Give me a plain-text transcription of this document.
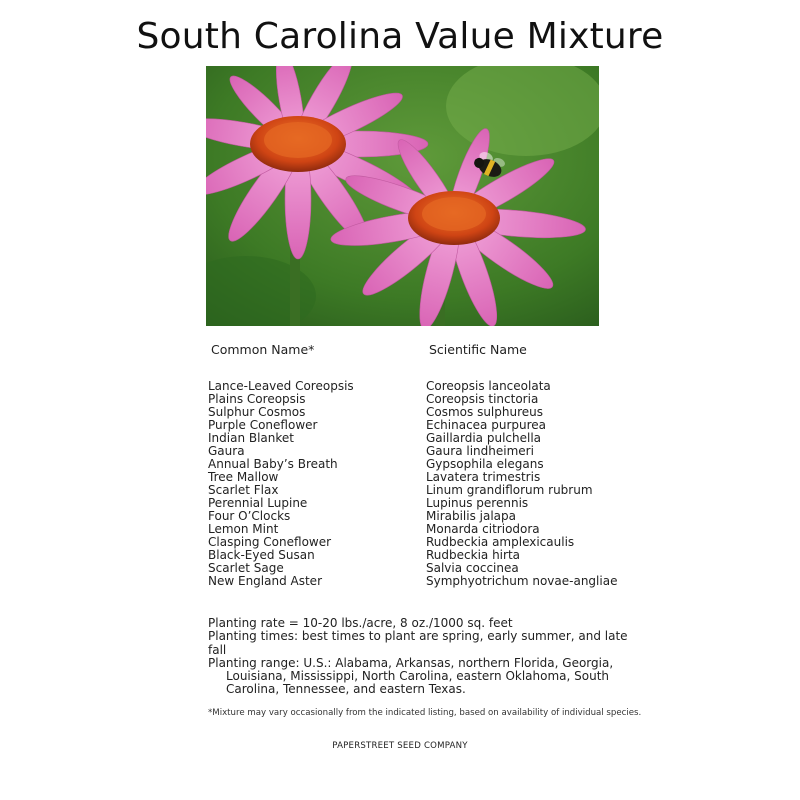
South Carolina Value Mixture
Common Name*	Scientific Name
Lance-Leaved Coreopsis
Plains Coreopsis
Sulphur Cosmos
Purple Coneflower
Indian Blanket
Gaura
Annual Baby’s Breath
Tree Mallow
Scarlet Flax
Perennial Lupine
Four O’Clocks
Lemon Mint
Clasping Coneflower
Black-Eyed Susan
Scarlet Sage
New England Aster
Coreopsis lanceolata
Coreopsis tinctoria
Cosmos sulphureus
Echinacea purpurea
Gaillardia pulchella
Gaura lindheimeri
Gypsophila elegans
Lavatera trimestris
Linum grandiflorum rubrum
Lupinus perennis
Mirabilis jalapa
Monarda citriodora
Rudbeckia amplexicaulis
Rudbeckia hirta
Salvia coccinea
Symphyotrichum novae-angliae

Planting rate = 10-20 lbs./acre, 8 oz./1000 sq. feet

Planting times: best times to plant are spring, early summer, and late fall

Planting range: U.S.: Alabama, Arkansas, northern Florida, Georgia, Louisiana, Mississippi, North Carolina, eastern Oklahoma, South Carolina, Tennessee, and eastern Texas.

*Mixture may vary occasionally from the indicated listing, based on availability of individual species.
PAPERSTREET SEED COMPANY
